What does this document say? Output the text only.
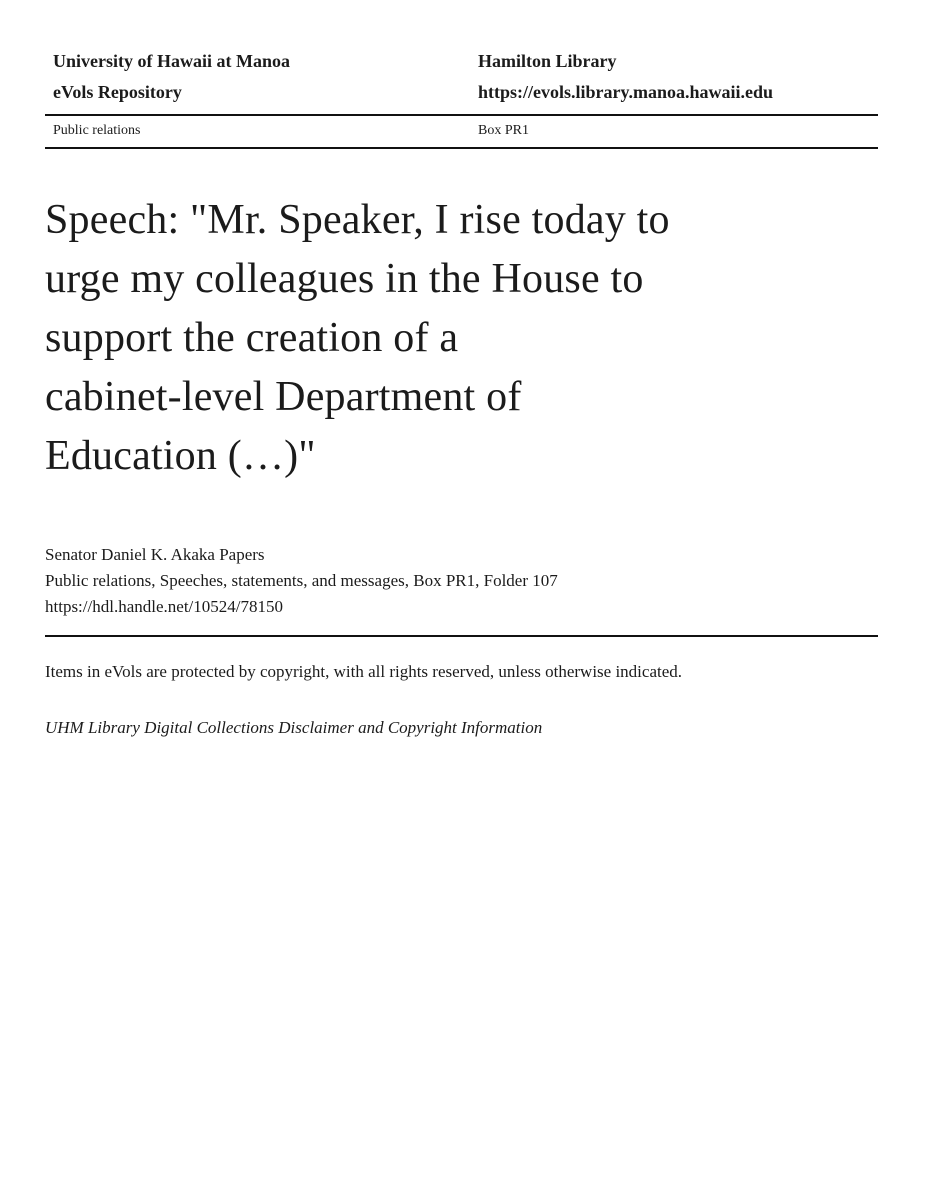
University of Hawaii at Manoa
eVols Repository
Hamilton Library
https://evols.library.manoa.hawaii.edu
Public relations	Box PR1
Speech: "Mr. Speaker, I rise today to
urge my colleagues in the House to
support the creation of a
cabinet-level Department of
Education (…)"
Senator Daniel K. Akaka Papers
Public relations, Speeches, statements, and messages, Box PR1, Folder 107
https://hdl.handle.net/10524/78150
Items in eVols are protected by copyright, with all rights reserved, unless otherwise indicated.
UHM Library Digital Collections Disclaimer and Copyright Information
